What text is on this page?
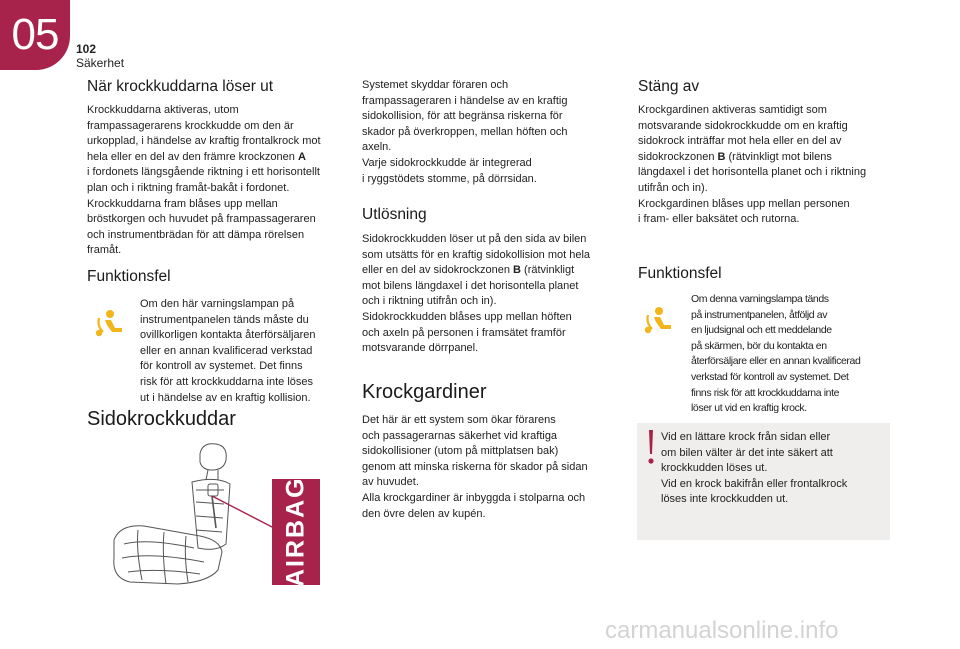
05	102
Säkerhet
När krockkuddarna löser ut

Krockkuddarna aktiveras, utom
frampassagerarens krockkudde om den är
urkopplad, i händelse av kraftig frontalkrock mot
hela eller en del av den främre krockzonen A
i fordonets längsgående riktning i ett horisontellt
plan och i riktning framåt-bakåt i fordonet.
Krockkuddarna fram blåses upp mellan
bröstkorgen och huvudet på frampassageraren
och instrumentbrädan för att dämpa rörelsen
framåt.

Funktionsfel

Om den här varningslampan på
instrumentpanelen tänds måste du
ovillkorligen kontakta återförsäljaren
eller en annan kvalificerad verkstad
för kontroll av systemet. Det finns
risk för att krockkuddarna inte löses
ut i händelse av en kraftig kollision.

Sidokrockkuddar
AIRBAG

Systemet skyddar föraren och
frampassageraren i händelse av en kraftig
sidokollision, för att begränsa riskerna för
skador på överkroppen, mellan höften och
axeln.
Varje sidokrockkudde är integrerad
i ryggstödets stomme, på dörrsidan.

Utlösning

Sidokrockkudden löser ut på den sida av bilen
som utsätts för en kraftig sidokollision mot hela
eller en del av sidokrockzonen B (rätvinkligt
mot bilens längdaxel i det horisontella planet
och i riktning utifrån och in).
Sidokrockkudden blåses upp mellan höften
och axeln på personen i framsätet framför
motsvarande dörrpanel.

Krockgardiner

Det här är ett system som ökar förarens
och passagerarnas säkerhet vid kraftiga
sidokollisioner (utom på mittplatsen bak)
genom att minska riskerna för skador på sidan
av huvudet.
Alla krockgardiner är inbyggda i stolparna och
den övre delen av kupén.

Stäng av

Krockgardinen aktiveras samtidigt som
motsvarande sidokrockkudde om en kraftig
sidokrock inträffar mot hela eller en del av
sidokrockzonen B (rätvinkligt mot bilens
längdaxel i det horisontella planet och i riktning
utifrån och in).
Krockgardinen blåses upp mellan personen
i fram- eller baksätet och rutorna.

Funktionsfel

Om denna varningslampa tänds
på instrumentpanelen, åtföljd av
en ljudsignal och ett meddelande
på skärmen, bör du kontakta en
återförsäljare eller en annan kvalificerad
verkstad för kontroll av systemet. Det
finns risk för att krockkuddarna inte
löser ut vid en kraftig krock.

Vid en lättare krock från sidan eller
om bilen välter är det inte säkert att
krockkudden löses ut.
Vid en krock bakifrån eller frontalkrock
löses inte krockkudden ut.

carmanualsonline.info
